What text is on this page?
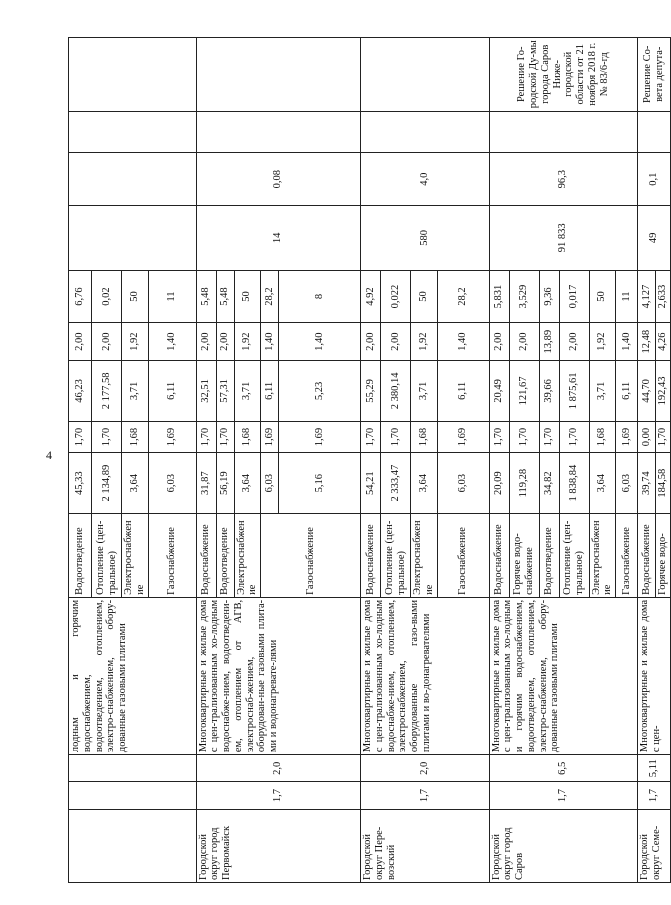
4
			лодным и горячим водоснабжением, водоотведением, отоплением, электро-снабжением, обору-дованные газовыми плитами	Водоотведение	45,33	1,70	46,23	2,00	6,76				
				Отопление (цен-тральное)	2 134,89	1,70	2 177,58	2,00	0,02				
				Электроснабжение	3,64	1,68	3,71	1,92	50				
				Газоснабжение	6,03	1,69	6,11	1,40	11				
Городской округ город Первомайск	1,7	2,0	Многоквартирные и жилые дома с цен-трализованным хо-лодным водоснабже-нием, водоотведени-ем, отоплением от АГВ, электроснаб-жением, оборудован-ные газовыми плита-ми и водонагревате-лями	Водоснабжение	31,87	1,70	32,51	2,00	5,48	14	0,08		
				Водоотведение	56,19	1,70	57,31	2,00	5,48				
				Электроснабжение	3,64	1,68	3,71	1,92	50				
				Газоснабжение	6,03	1,69	6,11	1,40	28,2				
					5,16	1,69	5,23	1,40	8				
Городской округ Пере-возский	1,7	2,0	Многоквартирные и жилые дома с цен-трализованным хо-лодным водоснабже-нием, отоплением, электроснабжением, оборудованные газо-выми плитами и во-донагревателями	Водоснабжение	54,21	1,70	55,29	2,00	4,92	580	4,0		
				Отопление (цен-тральное)	2 333,47	1,70	2 380,14	2,00	0,022				
				Электроснабжение	3,64	1,68	3,71	1,92	50				
				Газоснабжение	6,03	1,69	6,11	1,40	28,2				
Городской округ город Саров	1,7	6,5	Многоквартирные и жилые дома с цен-трализованным хо-лодным и горячим водоснабжением, водоотведением, отоплением, электро-снабжением, обору-дованные газовыми плитами	Водоснабжение	20,09	1,70	20,49	2,00	5,831	91 833	96,3		Решение Го-родской Ду-мы города Саров Ниже-городской области от 21 ноября 2018 г. № 83/6-гд
				Горячее водо-снабжение	119,28	1,70	121,67	2,00	3,529				
				Водоотведение	34,82	1,70	39,66	13,89	9,36				
				Отопление (цен-тральное)	1 838,84	1,70	1 875,61	2,00	0,017				
				Электроснабжение	3,64	1,68	3,71	1,92	50				
				Газоснабжение	6,03	1,69	6,11	1,40	11				
Городской округ Семе-	1,7	5,11	Многоквартирные и жилые дома с цен-	Водоснабжение	39,74	0,00	44,70	12,48	4,127	49	0,1		Решение Со-вета депута-
				Горячее водо-	184,58	1,70	192,43	4,26	2,633				
